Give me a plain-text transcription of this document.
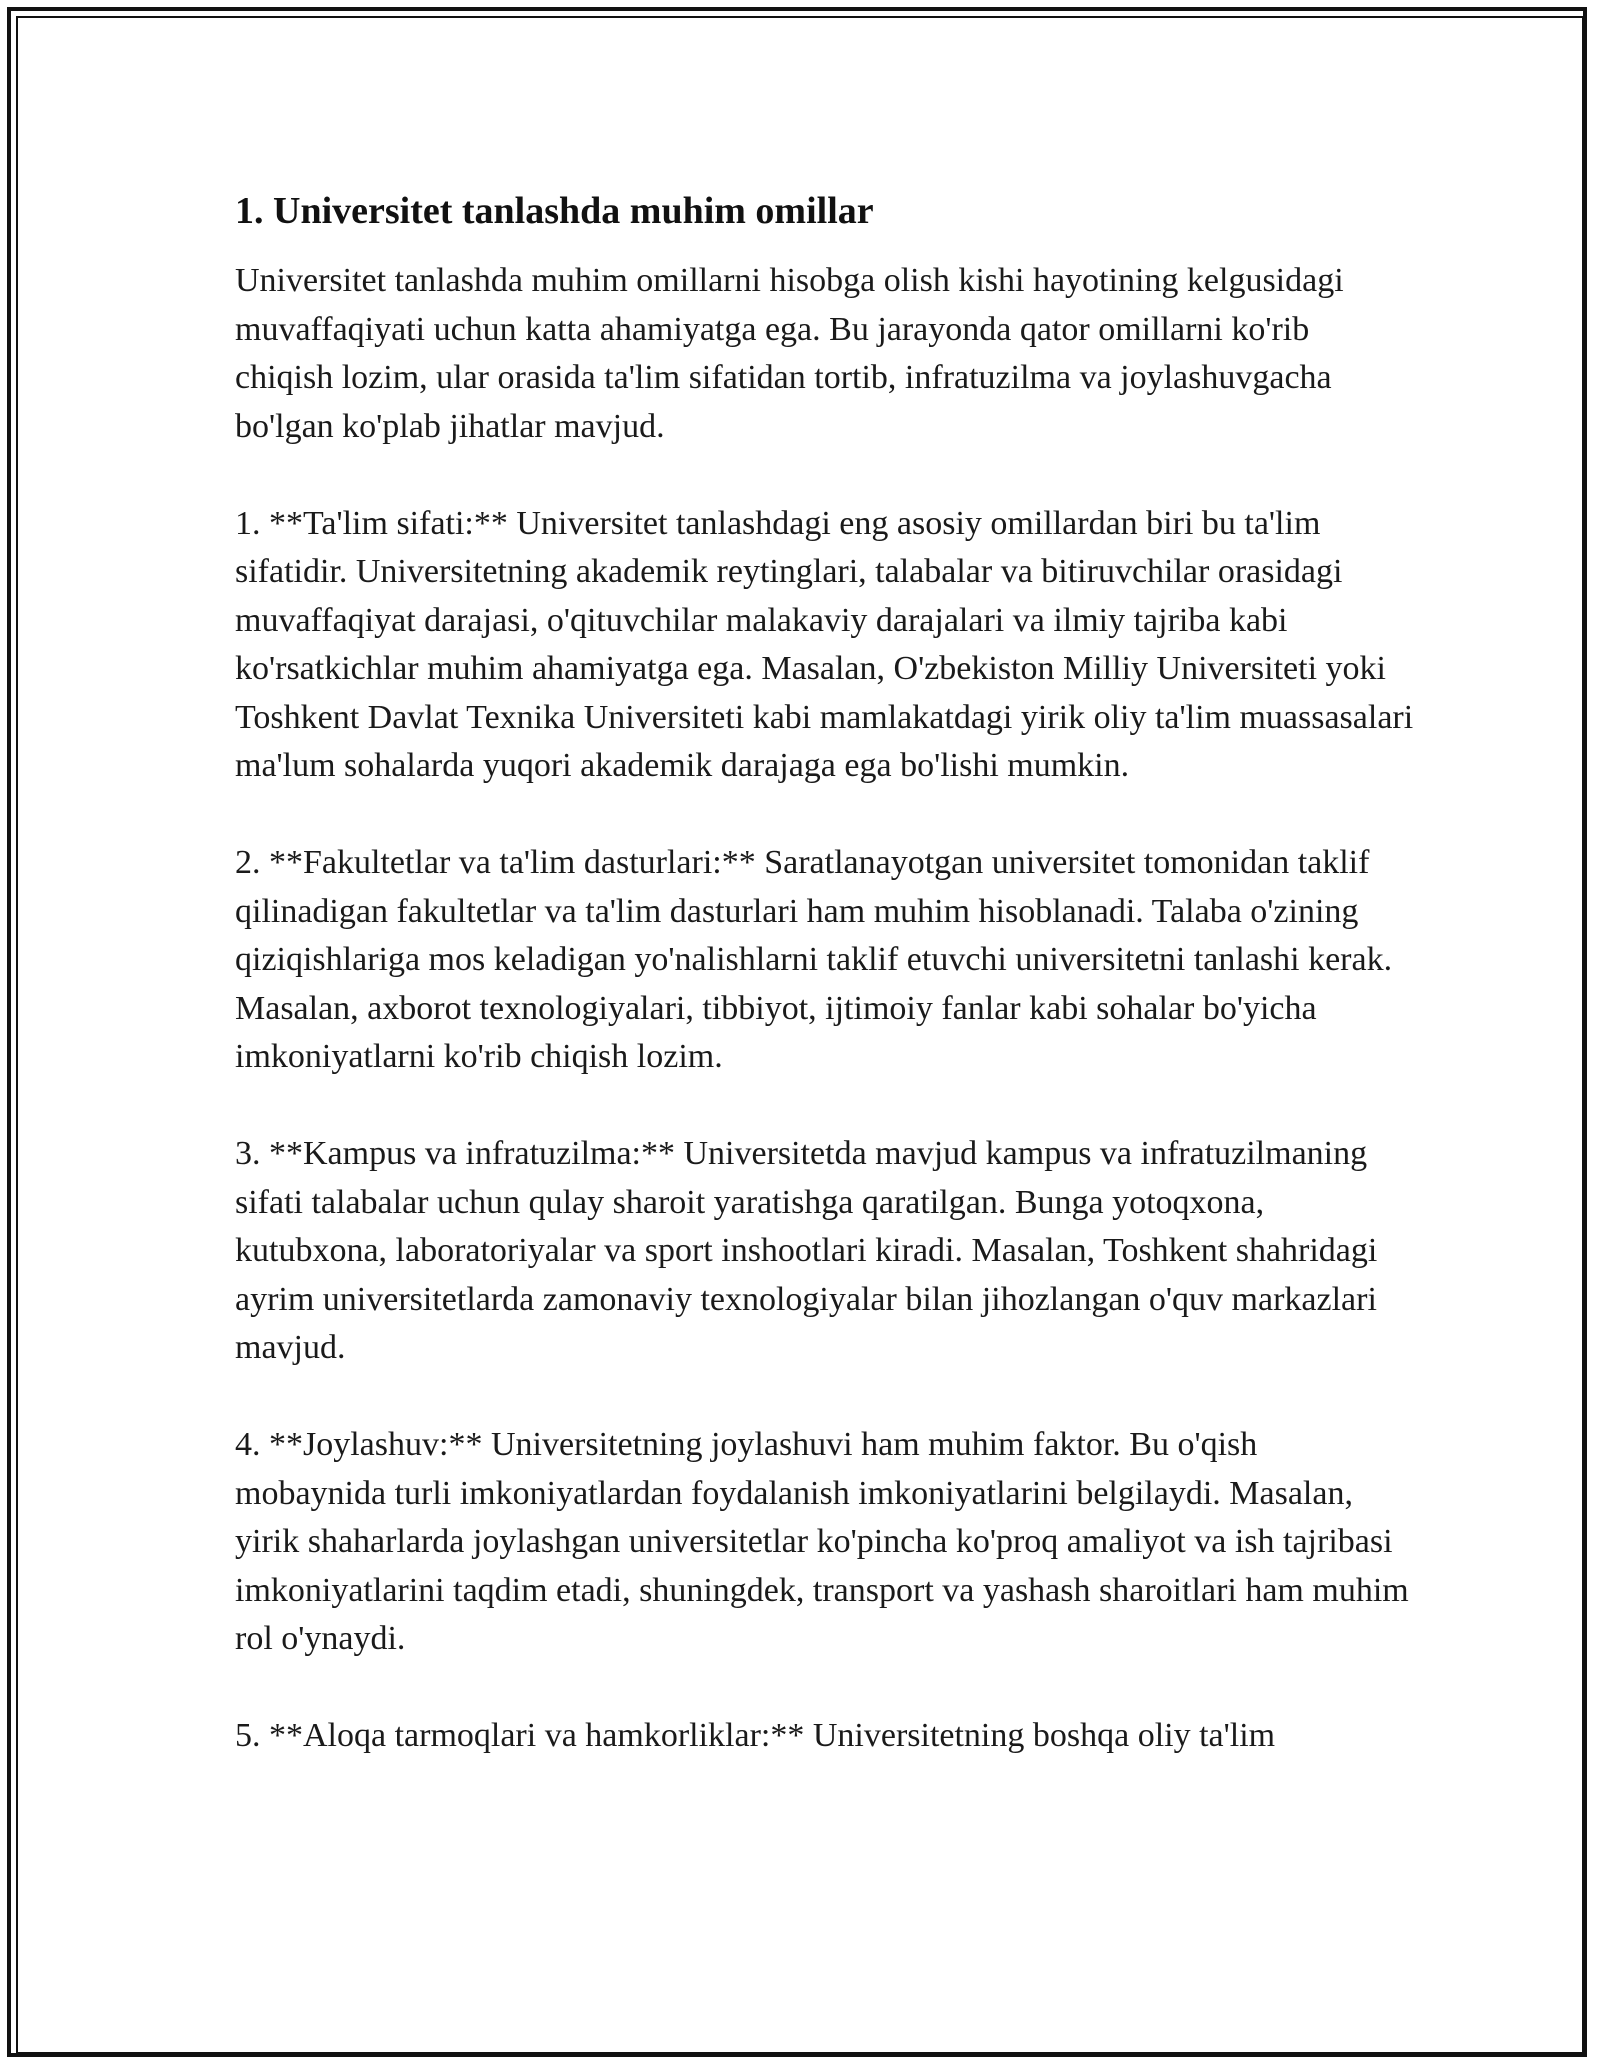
1. Universitet tanlashda muhim omillar

Universitet tanlashda muhim omillarni hisobga olish kishi hayotining kelgusidagi muvaffaqiyati uchun katta ahamiyatga ega. Bu jarayonda qator omillarni ko'rib chiqish lozim, ular orasida ta'lim sifatidan tortib, infratuzilma va joylashuvgacha bo'lgan ko'plab jihatlar mavjud.

1. **Ta'lim sifati:** Universitet tanlashdagi eng asosiy omillardan biri bu ta'lim sifatidir. Universitetning akademik reytinglari, talabalar va bitiruvchilar orasidagi muvaffaqiyat darajasi, o'qituvchilar malakaviy darajalari va ilmiy tajriba kabi ko'rsatkichlar muhim ahamiyatga ega. Masalan, O'zbekiston Milliy Universiteti yoki Toshkent Davlat Texnika Universiteti kabi mamlakatdagi yirik oliy ta'lim muassasalari ma'lum sohalarda yuqori akademik darajaga ega bo'lishi mumkin.

2. **Fakultetlar va ta'lim dasturlari:** Saratlanayotgan universitet tomonidan taklif qilinadigan fakultetlar va ta'lim dasturlari ham muhim hisoblanadi. Talaba o'zining qiziqishlariga mos keladigan yo'nalishlarni taklif etuvchi universitetni tanlashi kerak. Masalan, axborot texnologiyalari, tibbiyot, ijtimoiy fanlar kabi sohalar bo'yicha imkoniyatlarni ko'rib chiqish lozim.

3. **Kampus va infratuzilma:** Universitetda mavjud kampus va infratuzilmaning sifati talabalar uchun qulay sharoit yaratishga qaratilgan. Bunga yotoqxona, kutubxona, laboratoriyalar va sport inshootlari kiradi. Masalan, Toshkent shahridagi ayrim universitetlarda zamonaviy texnologiyalar bilan jihozlangan o'quv markazlari mavjud.

4. **Joylashuv:** Universitetning joylashuvi ham muhim faktor. Bu o'qish mobaynida turli imkoniyatlardan foydalanish imkoniyatlarini belgilaydi. Masalan, yirik shaharlarda joylashgan universitetlar ko'pincha ko'proq amaliyot va ish tajribasi imkoniyatlarini taqdim etadi, shuningdek, transport va yashash sharoitlari ham muhim rol o'ynaydi.

5. **Aloqa tarmoqlari va hamkorliklar:** Universitetning boshqa oliy ta'lim
